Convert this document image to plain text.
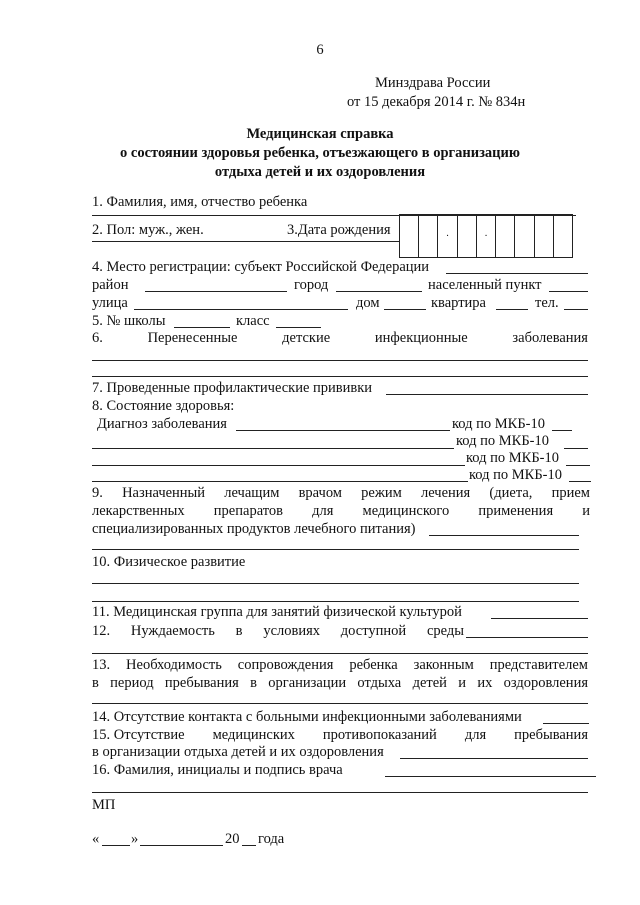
6
Минздрава России
от 15 декабря 2014 г. № 834н
Медицинская справка
о состоянии здоровья ребенка, отъезжающего в организацию
отдыха детей и их оздоровления
1. Фамилия, имя, отчество ребенка
2. Пол: муж., жен.	3.Дата рождения	·	·
4. Место регистрации: субъект Российской Федерации
район	город	населенный пункт
улица	дом	квартира	тел.
5. № школы	класс
6.	Перенесенные	детские	инфекционные	заболевания
7. Проведенные профилактические прививки
8. Состояние здоровья:
Диагноз заболевания	код по МКБ-10
код по МКБ-10
код по МКБ-10
код по МКБ-10
9. Назначенный лечащим врачом режим лечения (диета, прием
лекарственных препаратов для медицинского применения и
специализированных продуктов лечебного питания)
10. Физическое развитие
11. Медицинская группа для занятий физической культурой
12. Нуждаемость в условиях доступной среды
13. Необходимость сопровождения ребенка законным представителем
в период пребывания в организации отдыха детей и их оздоровления
14. Отсутствие контакта с больными инфекционными заболеваниями
15. Отсутствие медицинских противопоказаний для пребывания
в организации отдыха детей и их оздоровления
16. Фамилия, инициалы и подпись врача
МП
« »	20 года
